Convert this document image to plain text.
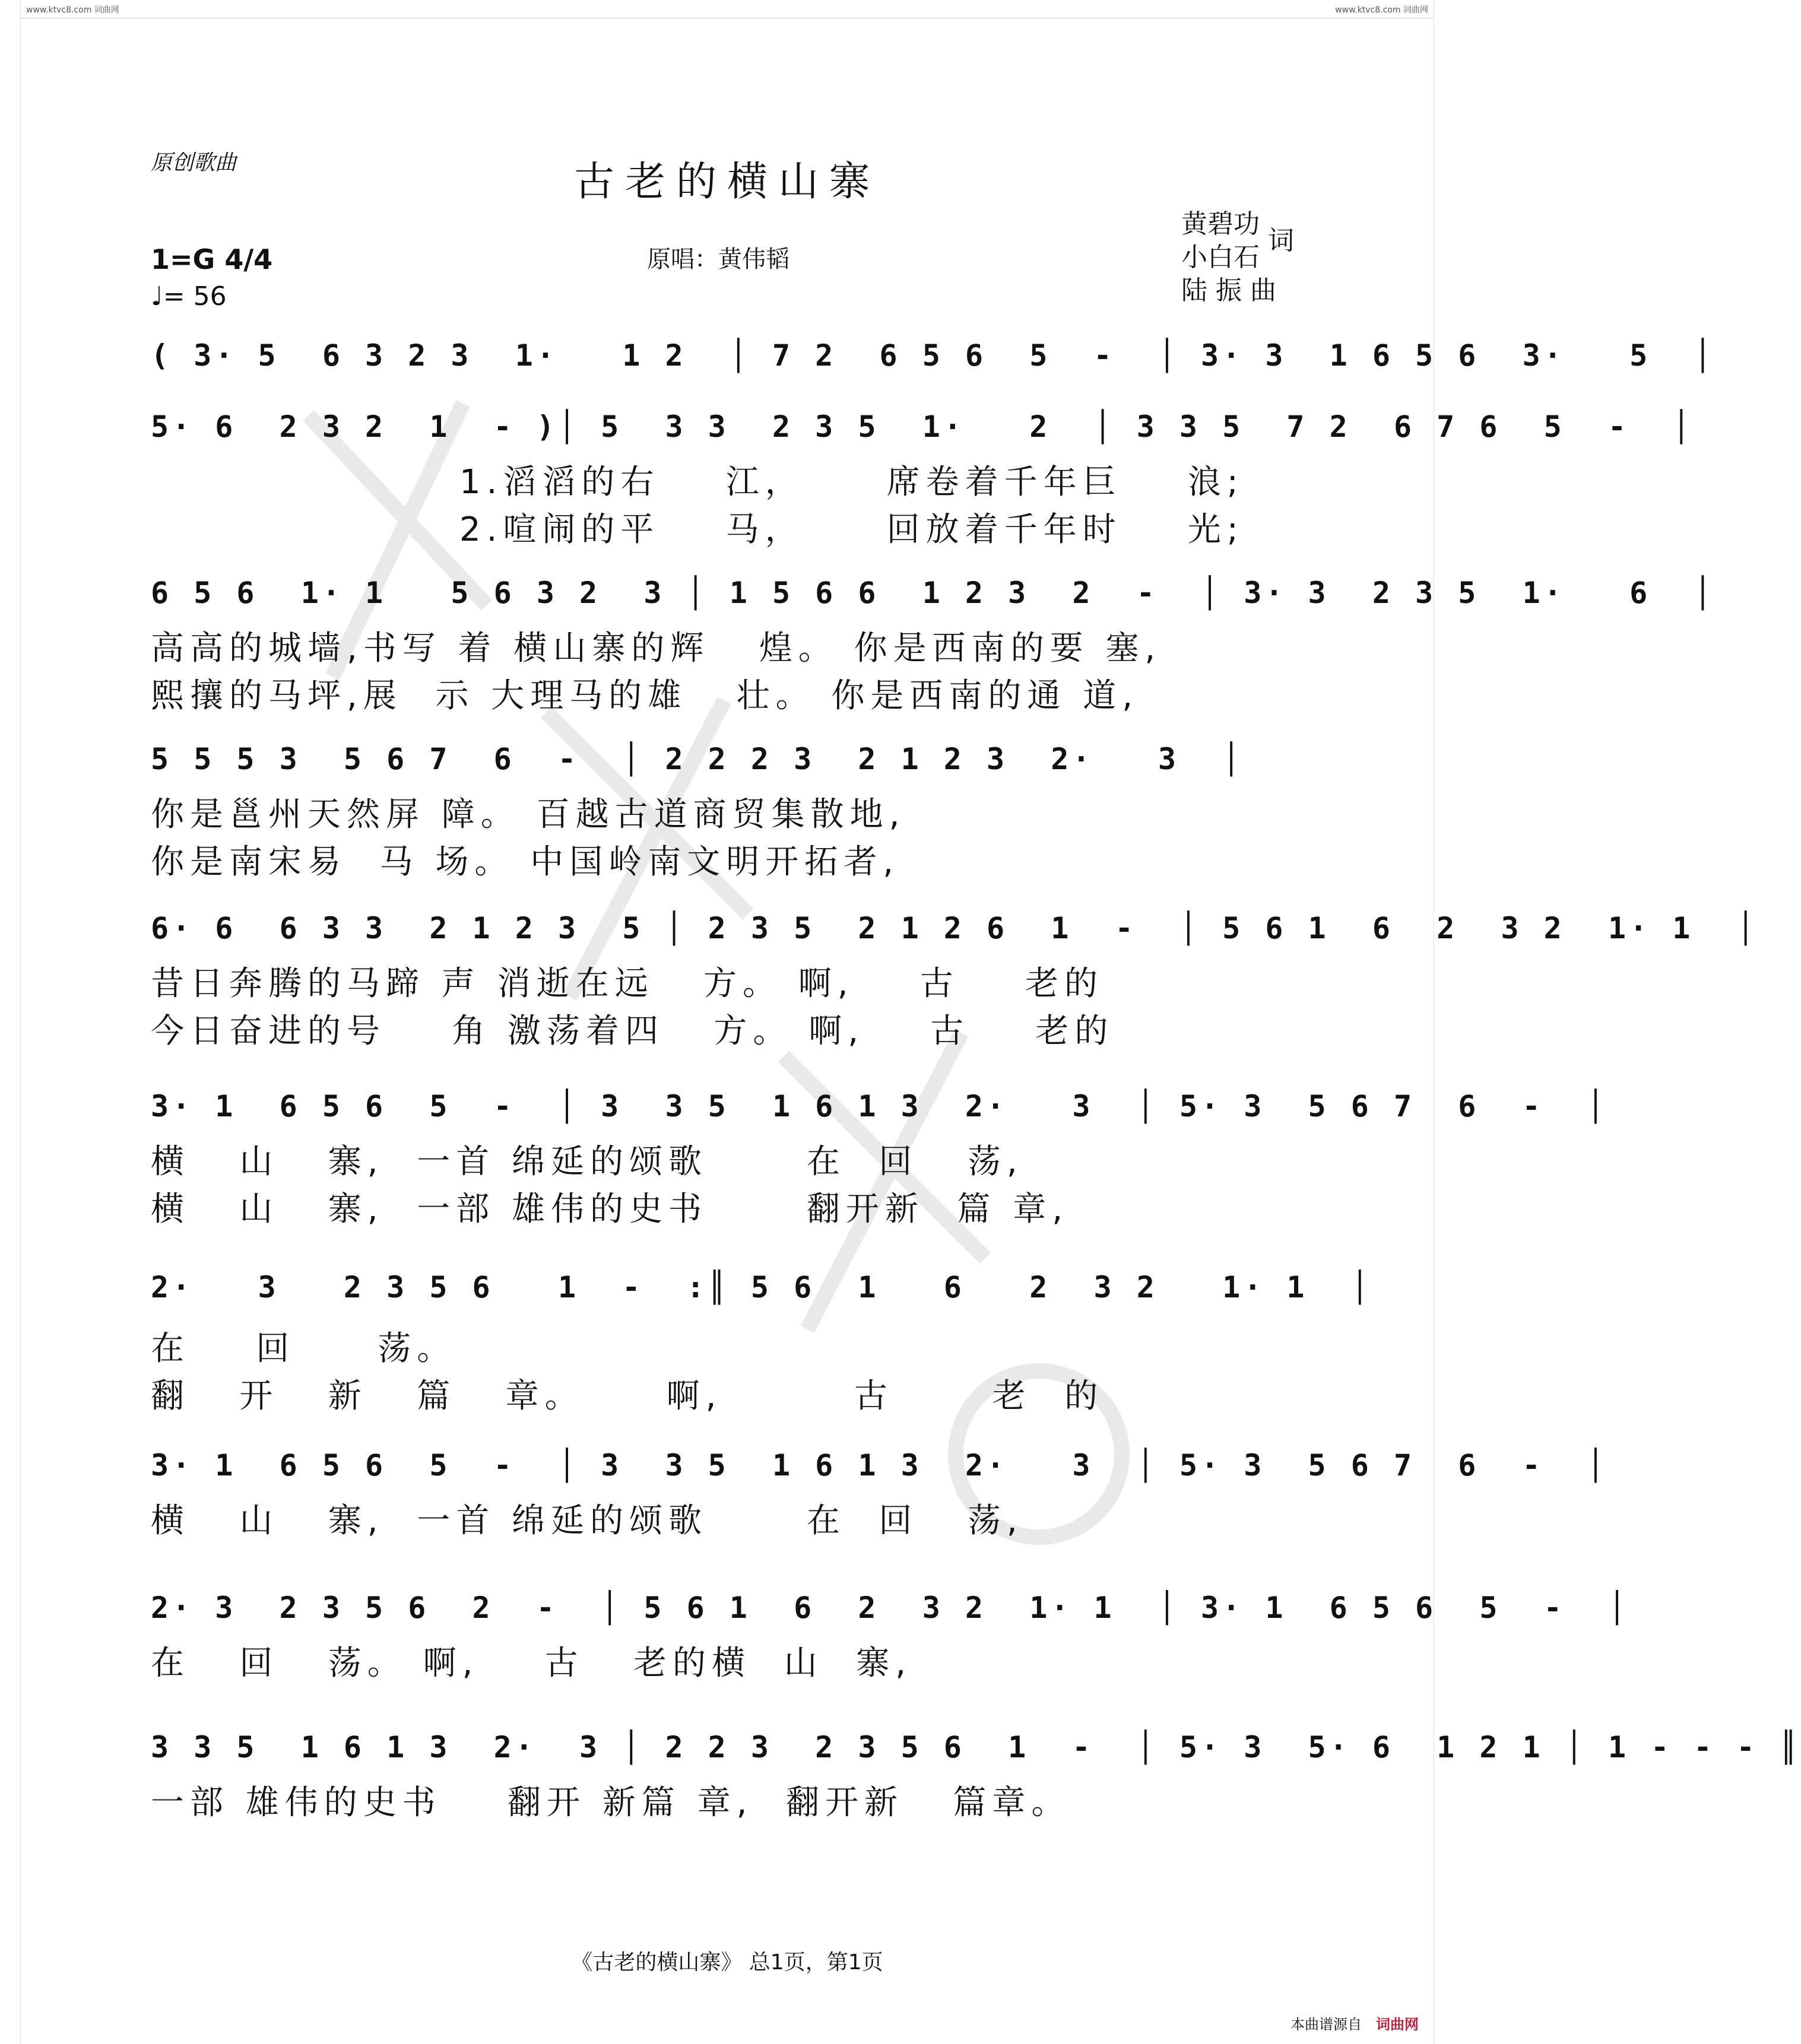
www.ktvc8.com 词曲网	www.ktvc8.com 词曲网
原创歌曲	古老的横山寨
原唱：黄伟韬
黄碧功
小白石
词
陆 振 曲
1=G 4/4
♩= 56
( 3· 5  6 3 2 3  1·   1 2  │ 7 2  6 5 6  5  -  │ 3· 3  1 6 5 6  3·   5  │
5· 6  2 3 2  1  - )│ 5  3 3  2 3 5  1·   2  │ 3 3 5  7 2  6 7 6  5  -  │
1.滔滔的右    江，     席卷着千年巨    浪;
2.喧闹的平    马，     回放着千年时    光;
6 5 6  1· 1   5 6 3 2  3 │ 1 5 6 6  1 2 3  2  -  │ 3· 3  2 3 5  1·   6  │
高高的城墙,书写 着 横山寨的辉   煌。 你是西南的要 塞,
熙攘的马坪,展  示 大理马的雄   壮。 你是西南的通 道,
5 5 5 3  5 6 7  6  -  │ 2 2 2 3  2 1 2 3  2·   3  │
你是邕州天然屏 障。 百越古道商贸集散地,
你是南宋易  马 场。 中国岭南文明开拓者,
6· 6  6 3 3  2 1 2 3  5 │ 2 3 5  2 1 2 6  1  -  │ 5 6 1  6  2  3 2  1· 1  │
昔日奔腾的马蹄 声 消逝在远   方。 啊,    古    老的
今日奋进的号    角 激荡着四   方。 啊,    古    老的
3· 1  6 5 6  5  -  │ 3  3 5  1 6 1 3  2·   3  │ 5· 3  5 6 7  6  -  │
横   山   寨,  一首 绵延的颂歌      在  回   荡,
横   山   寨,  一部 雄伟的史书      翻开新  篇 章,
2·   3   2 3 5 6   1  -  :║ 5 6  1   6   2  3 2   1· 1  │
在    回     荡。
翻   开   新   篇   章。     啊,        古      老  的
3· 1  6 5 6  5  -  │ 3  3 5  1 6 1 3  2·   3  │ 5· 3  5 6 7  6  -  │
横   山   寨,  一首 绵延的颂歌      在  回   荡,
2· 3  2 3 5 6  2  -  │ 5 6 1  6  2  3 2  1· 1  │ 3· 1  6 5 6  5  -  │
在   回   荡。 啊,    古   老的横  山  寨,
3 3 5  1 6 1 3  2·  3 │ 2 2 3  2 3 5 6  1  -  │ 5· 3  5· 6  1 2 1 │ 1 - - - ║
一部 雄伟的史书    翻开 新篇 章,  翻开新   篇章。
《古老的横山寨》 总1页，第1页
本曲谱源自 词曲网
